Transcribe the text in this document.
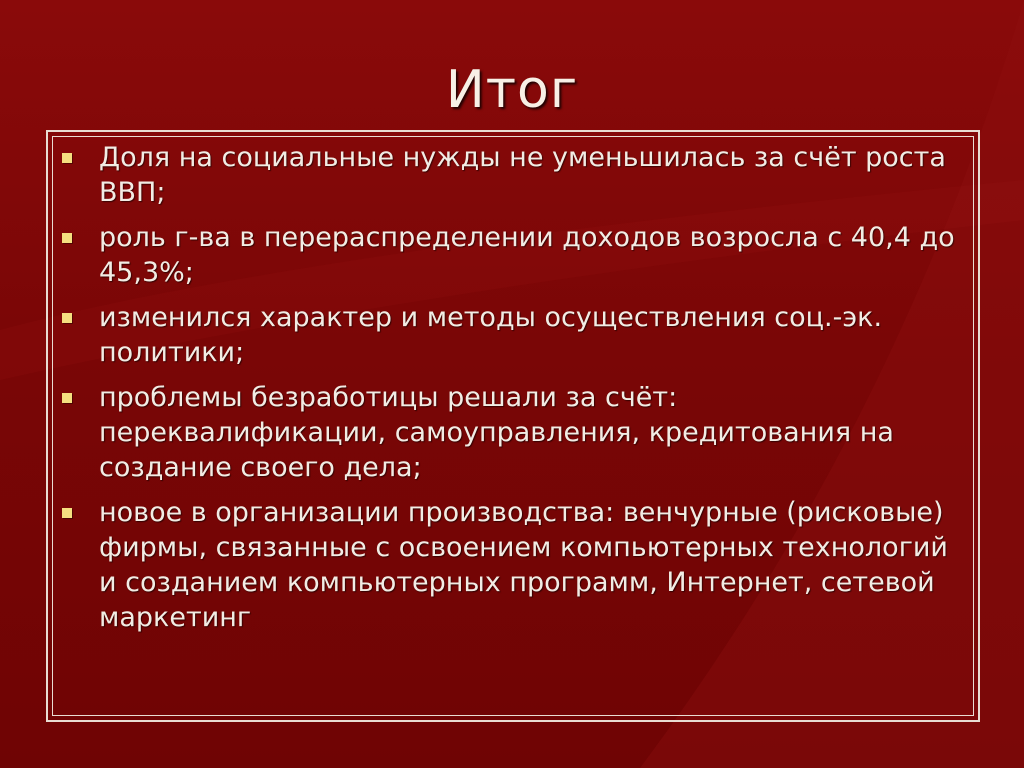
Итог
Доля на социальные нужды не уменьшилась за счёт роста ВВП;
роль г-ва в перераспределении доходов возросла с 40,4 до 45,3%;
изменился характер и методы осуществления соц.-эк. политики;
проблемы безработицы решали за счёт: переквалификации, самоуправления, кредитования на создание своего дела;
новое в организации производства: венчурные (рисковые) фирмы, связанные с освоением компьютерных технологий и созданием компьютерных программ, Интернет, сетевой маркетинг
